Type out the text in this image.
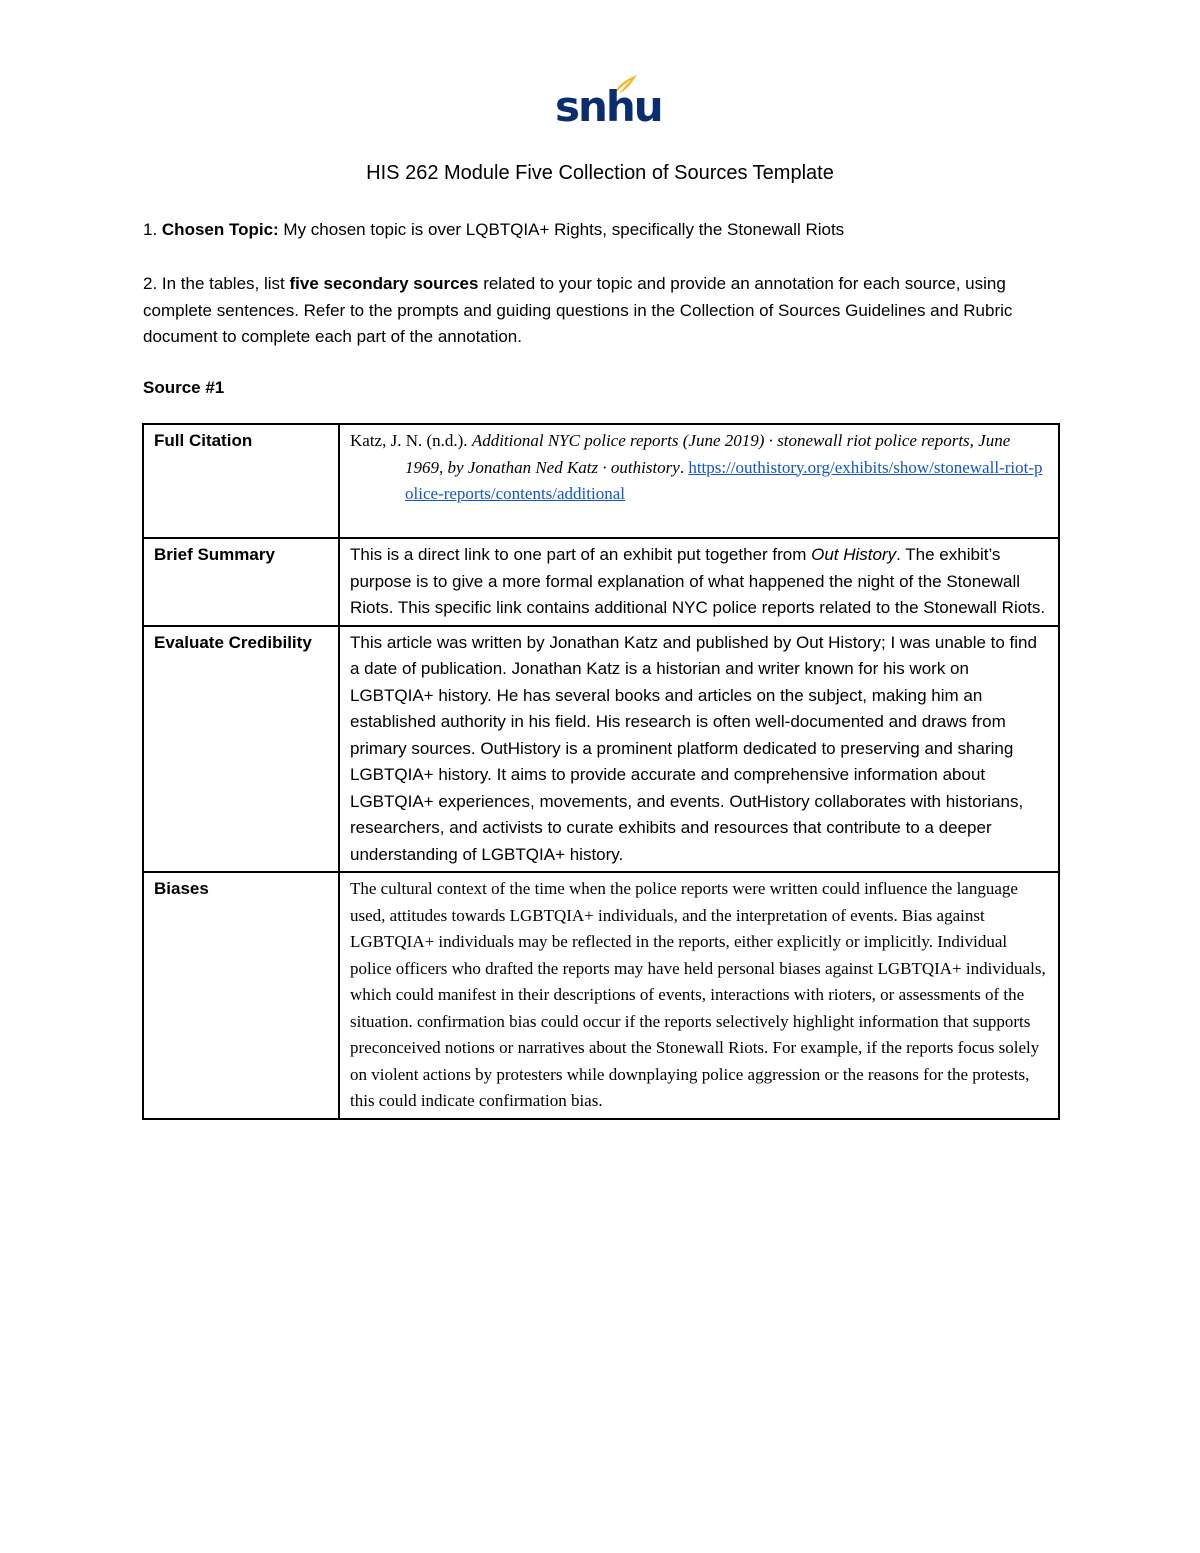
snhu
HIS 262 Module Five Collection of Sources Template
1. Chosen Topic: My chosen topic is over LQBTQIA+ Rights, specifically the Stonewall Riots
2. In the tables, list five secondary sources related to your topic and provide an annotation for each source, using complete sentences. Refer to the prompts and guiding questions in the Collection of Sources Guidelines and Rubric document to complete each part of the annotation.
Source #1
Full Citation	Katz, J. N. (n.d.). Additional NYC police reports (June 2019) · stonewall riot police reports, June 1969, by Jonathan Ned Katz · outhistory. https://outhistory.org/exhibits/show/stonewall-riot-police-reports/contents/additional

Brief Summary	This is a direct link to one part of an exhibit put together from Out History. The exhibit’s purpose is to give a more formal explanation of what happened the night of the Stonewall Riots. This specific link contains additional NYC police reports related to the Stonewall Riots.
Evaluate Credibility	This article was written by Jonathan Katz and published by Out History; I was unable to find a date of publication. Jonathan Katz is a historian and writer known for his work on LGBTQIA+ history. He has several books and articles on the subject, making him an established authority in his field. His research is often well-documented and draws from primary sources. OutHistory is a prominent platform dedicated to preserving and sharing LGBTQIA+ history. It aims to provide accurate and comprehensive information about LGBTQIA+ experiences, movements, and events. OutHistory collaborates with historians, researchers, and activists to curate exhibits and resources that contribute to a deeper understanding of LGBTQIA+ history.
Biases	The cultural context of the time when the police reports were written could influence the language used, attitudes towards LGBTQIA+ individuals, and the interpretation of events. Bias against LGBTQIA+ individuals may be reflected in the reports, either explicitly or implicitly. Individual police officers who drafted the reports may have held personal biases against LGBTQIA+ individuals, which could manifest in their descriptions of events, interactions with rioters, or assessments of the situation. confirmation bias could occur if the reports selectively highlight information that supports preconceived notions or narratives about the Stonewall Riots. For example, if the reports focus solely on violent actions by protesters while downplaying police aggression or the reasons for the protests, this could indicate confirmation bias.
